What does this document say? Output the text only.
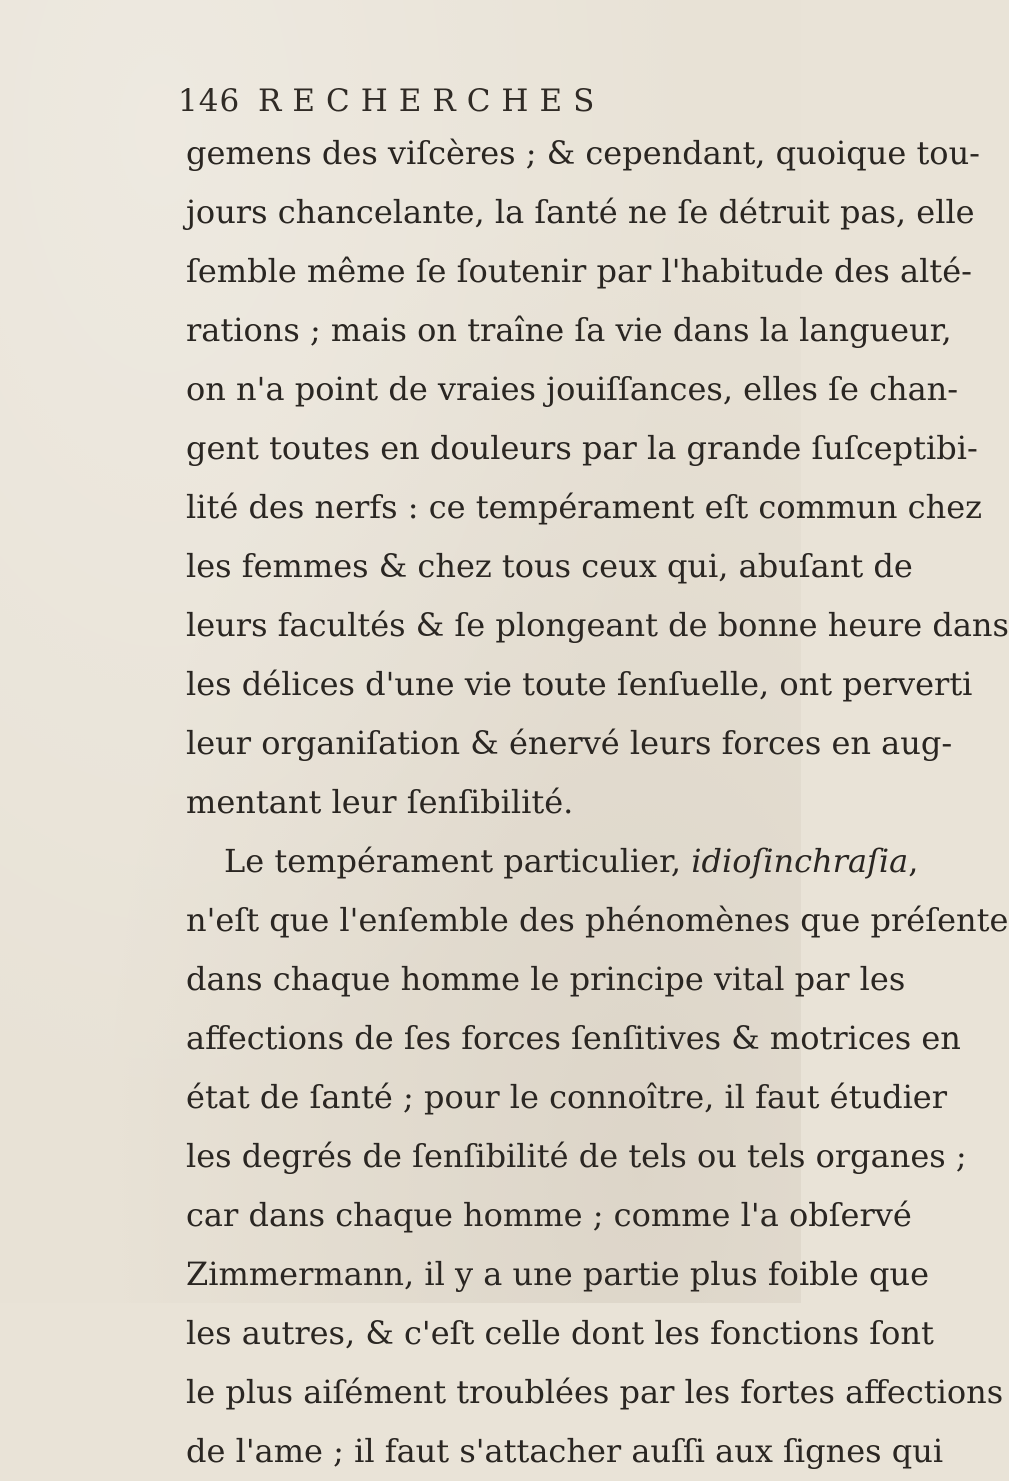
146 RECHERCHES
gemens des viſcères ; & cependant, quoique tou-
jours chancelante, la ſanté ne ſe détruit pas, elle
ſemble même ſe ſoutenir par l'habitude des alté-
rations ; mais on traîne ſa vie dans la langueur,
on n'a point de vraies jouiſſances, elles ſe chan-
gent toutes en douleurs par la grande ſuſceptibi-
lité des nerfs : ce tempérament eſt commun chez
les femmes & chez tous ceux qui, abuſant de
leurs facultés & ſe plongeant de bonne heure dans
les délices d'une vie toute ſenſuelle, ont perverti
leur organiſation & énervé leurs forces en aug-
mentant leur ſenſibilité.
Le tempérament particulier, idioſinchraſia,
n'eſt que l'enſemble des phénomènes que préſente
dans chaque homme le principe vital par les
affections de ſes forces ſenſitives & motrices en
état de ſanté ; pour le connoître, il faut étudier
les degrés de ſenſibilité de tels ou tels organes ;
car dans chaque homme ; comme l'a obſervé
Zimmermann, il y a une partie plus foible que
les autres, & c'eſt celle dont les fonctions ſont
le plus aiſément troublées par les fortes affections
de l'ame ; il faut s'attacher auſſi aux ſignes qui
